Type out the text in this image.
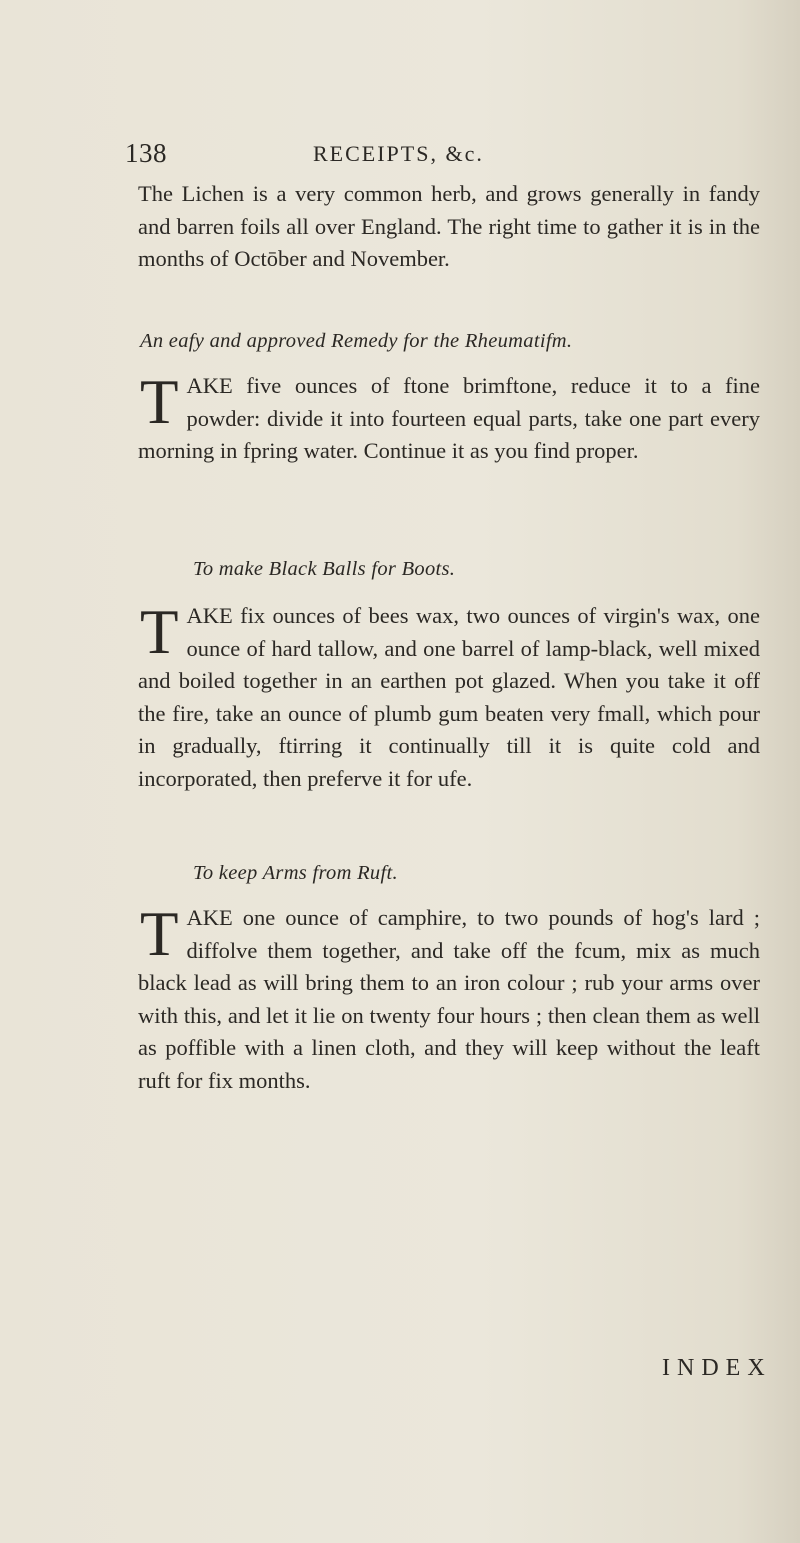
138	RECEIPTS, &c.
The Lichen is a very common herb, and grows generally in fandy and barren foils all over England. The right time to gather it is in the months of Octōber and November.
An eafy and approved Remedy for the Rheumatifm.
T AKE five ounces of ftone brimftone, reduce it to a fine powder: divide it into fourteen equal parts, take one part every morning in fpring water. Continue it as you find proper.

To make Black Balls for Boots.
T AKE fix ounces of bees wax, two ounces of virgin's wax, one ounce of hard tallow, and one barrel of lamp-black, well mixed and boiled together in an earthen pot glazed. When you take it off the fire, take an ounce of plumb gum beaten very fmall, which pour in gradually, ftirring it continually till it is quite cold and incorporated, then preferve it for ufe.

To keep Arms from Ruft.
T AKE one ounce of camphire, to two pounds of hog's lard ; diffolve them together, and take off the fcum, mix as much black lead as will bring them to an iron colour ; rub your arms over with this, and let it lie on twenty four hours ; then clean them as well as poffible with a linen cloth, and they will keep without the leaft ruft for fix months.

INDEX
